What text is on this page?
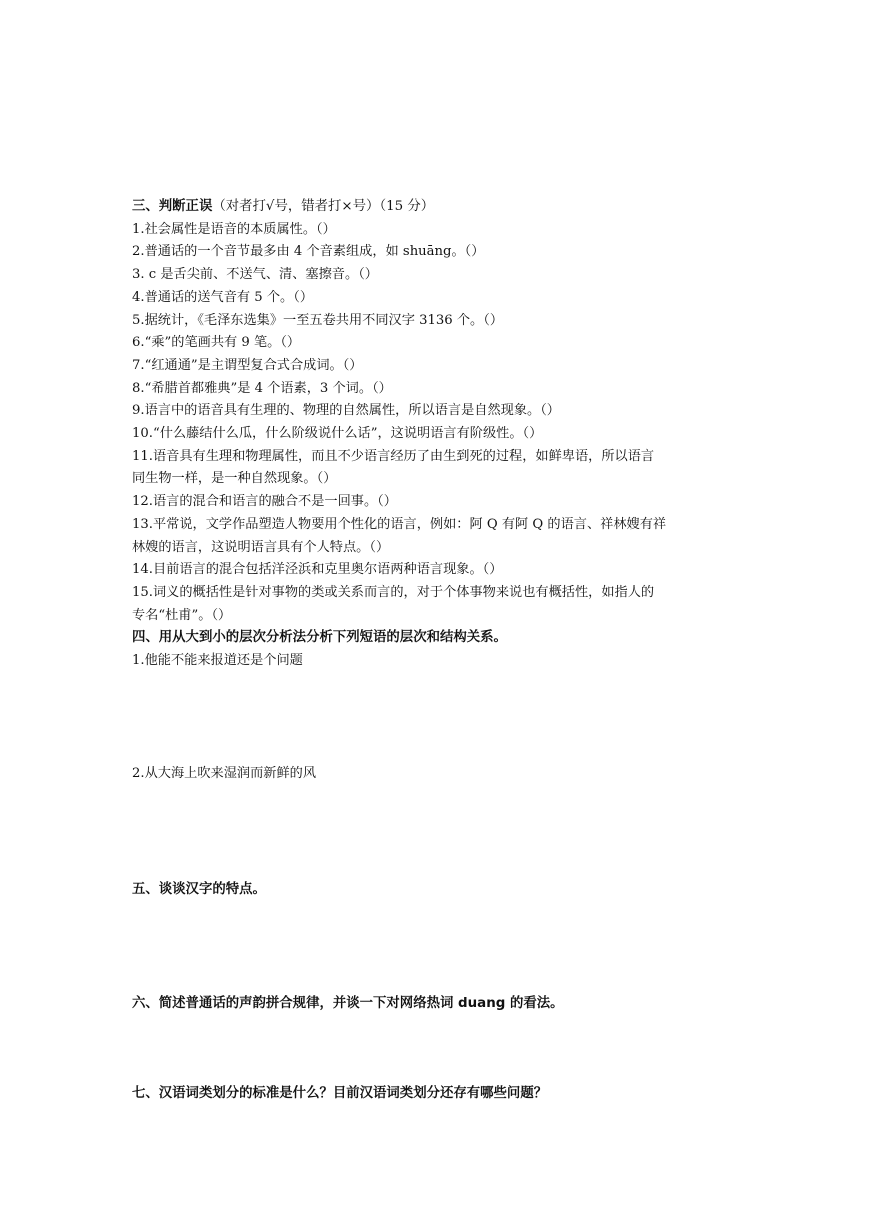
三、判断正误（对者打√号，错者打×号）（15 分）
1.社会属性是语音的本质属性。（）
2.普通话的一个音节最多由 4 个音素组成，如 shuāng。（）
3. c 是舌尖前、不送气、清、塞擦音。（）
4.普通话的送气音有 5 个。（）
5.据统计，《毛泽东选集》一至五卷共用不同汉字 3136 个。（）
6.“乘”的笔画共有 9 笔。（）
7.“红通通”是主谓型复合式合成词。（）
8.“希腊首都雅典”是 4 个语素，3 个词。（）
9.语言中的语音具有生理的、物理的自然属性，所以语言是自然现象。（）
10.“什么藤结什么瓜，什么阶级说什么话”，这说明语言有阶级性。（）
11.语音具有生理和物理属性，而且不少语言经历了由生到死的过程，如鲜卑语，所以语言
同生物一样，是一种自然现象。（）
12.语言的混合和语言的融合不是一回事。（）
13.平常说，文学作品塑造人物要用个性化的语言，例如：阿 Q 有阿 Q 的语言、祥林嫂有祥
林嫂的语言，这说明语言具有个人特点。（）
14.目前语言的混合包括洋泾浜和克里奥尔语两种语言现象。（）
15.词义的概括性是针对事物的类或关系而言的，对于个体事物来说也有概括性，如指人的
专名“杜甫”。（）
四、用从大到小的层次分析法分析下列短语的层次和结构关系。
1.他能不能来报道还是个问题
2.从大海上吹来湿润而新鲜的风
五、谈谈汉字的特点。
六、简述普通话的声韵拼合规律，并谈一下对网络热词 duang 的看法。
七、汉语词类划分的标准是什么？目前汉语词类划分还存有哪些问题？
